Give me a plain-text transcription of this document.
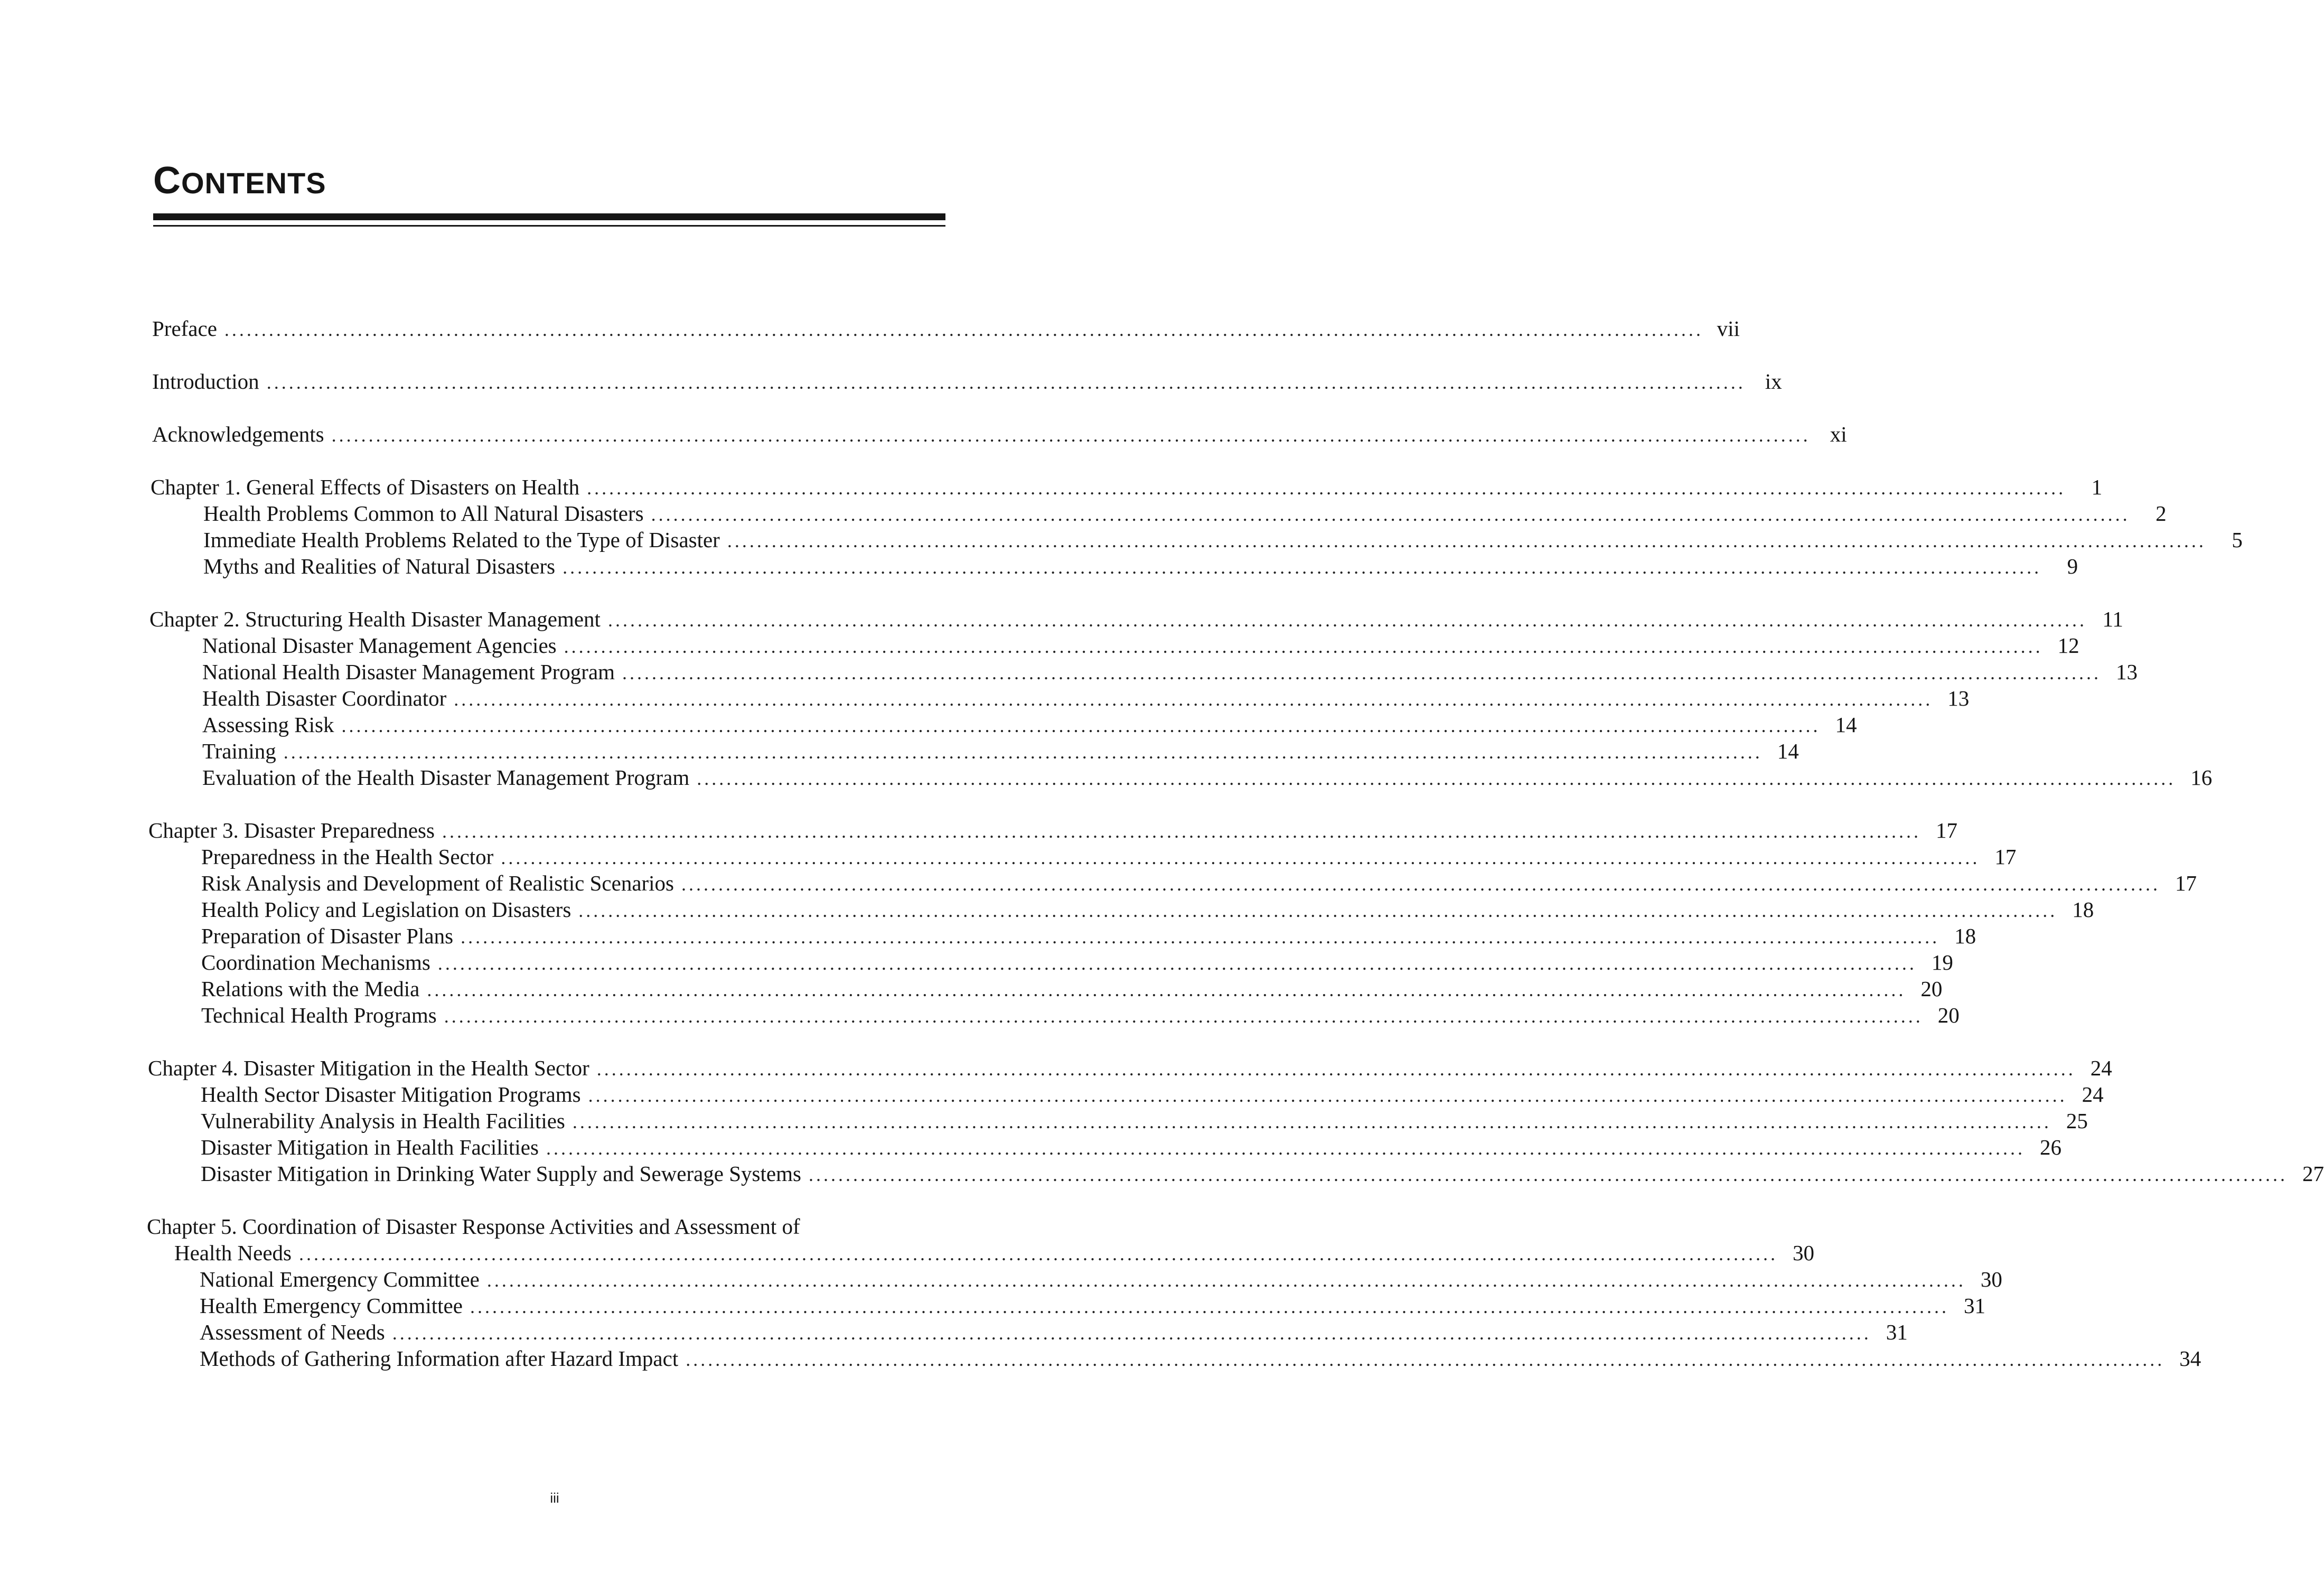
CONTENTS
Preface ........................................................................................................................................................................................................ vii
Introduction ........................................................................................................................................................................................................ ix
Acknowledgements ........................................................................................................................................................................................................ xi
Chapter 1. General Effects of Disasters on Health ........................................................................................................................................................................................................	1
Health Problems Common to All Natural Disasters ........................................................................................................................................................................................................	2
Immediate Health Problems Related to the Type of Disaster ........................................................................................................................................................................................................	5
Myths and Realities of Natural Disasters ........................................................................................................................................................................................................	9
Chapter 2. Structuring Health Disaster Management ........................................................................................................................................................................................................ 11
National Disaster Management Agencies ........................................................................................................................................................................................................ 12
National Health Disaster Management Program ........................................................................................................................................................................................................ 13
Health Disaster Coordinator ........................................................................................................................................................................................................ 13
Assessing Risk ........................................................................................................................................................................................................ 14
Training ........................................................................................................................................................................................................ 14
Evaluation of the Health Disaster Management Program ........................................................................................................................................................................................................ 16
Chapter 3. Disaster Preparedness ........................................................................................................................................................................................................ 17
Preparedness in the Health Sector ........................................................................................................................................................................................................ 17
Risk Analysis and Development of Realistic Scenarios ........................................................................................................................................................................................................ 17
Health Policy and Legislation on Disasters ........................................................................................................................................................................................................ 18
Preparation of Disaster Plans ........................................................................................................................................................................................................ 18
Coordination Mechanisms ........................................................................................................................................................................................................ 19
Relations with the Media ........................................................................................................................................................................................................ 20
Technical Health Programs ........................................................................................................................................................................................................ 20
Chapter 4. Disaster Mitigation in the Health Sector ........................................................................................................................................................................................................ 24
Health Sector Disaster Mitigation Programs ........................................................................................................................................................................................................ 24
Vulnerability Analysis in Health Facilities ........................................................................................................................................................................................................ 25
Disaster Mitigation in Health Facilities ........................................................................................................................................................................................................ 26
Disaster Mitigation in Drinking Water Supply and Sewerage Systems ........................................................................................................................................................................................................ 27
Chapter 5. Coordination of Disaster Response Activities and Assessment of
Health Needs ........................................................................................................................................................................................................ 30
National Emergency Committee ........................................................................................................................................................................................................ 30
Health Emergency Committee ........................................................................................................................................................................................................ 31
Assessment of Needs ........................................................................................................................................................................................................ 31
Methods of Gathering Information after Hazard Impact ........................................................................................................................................................................................................ 34
iii
